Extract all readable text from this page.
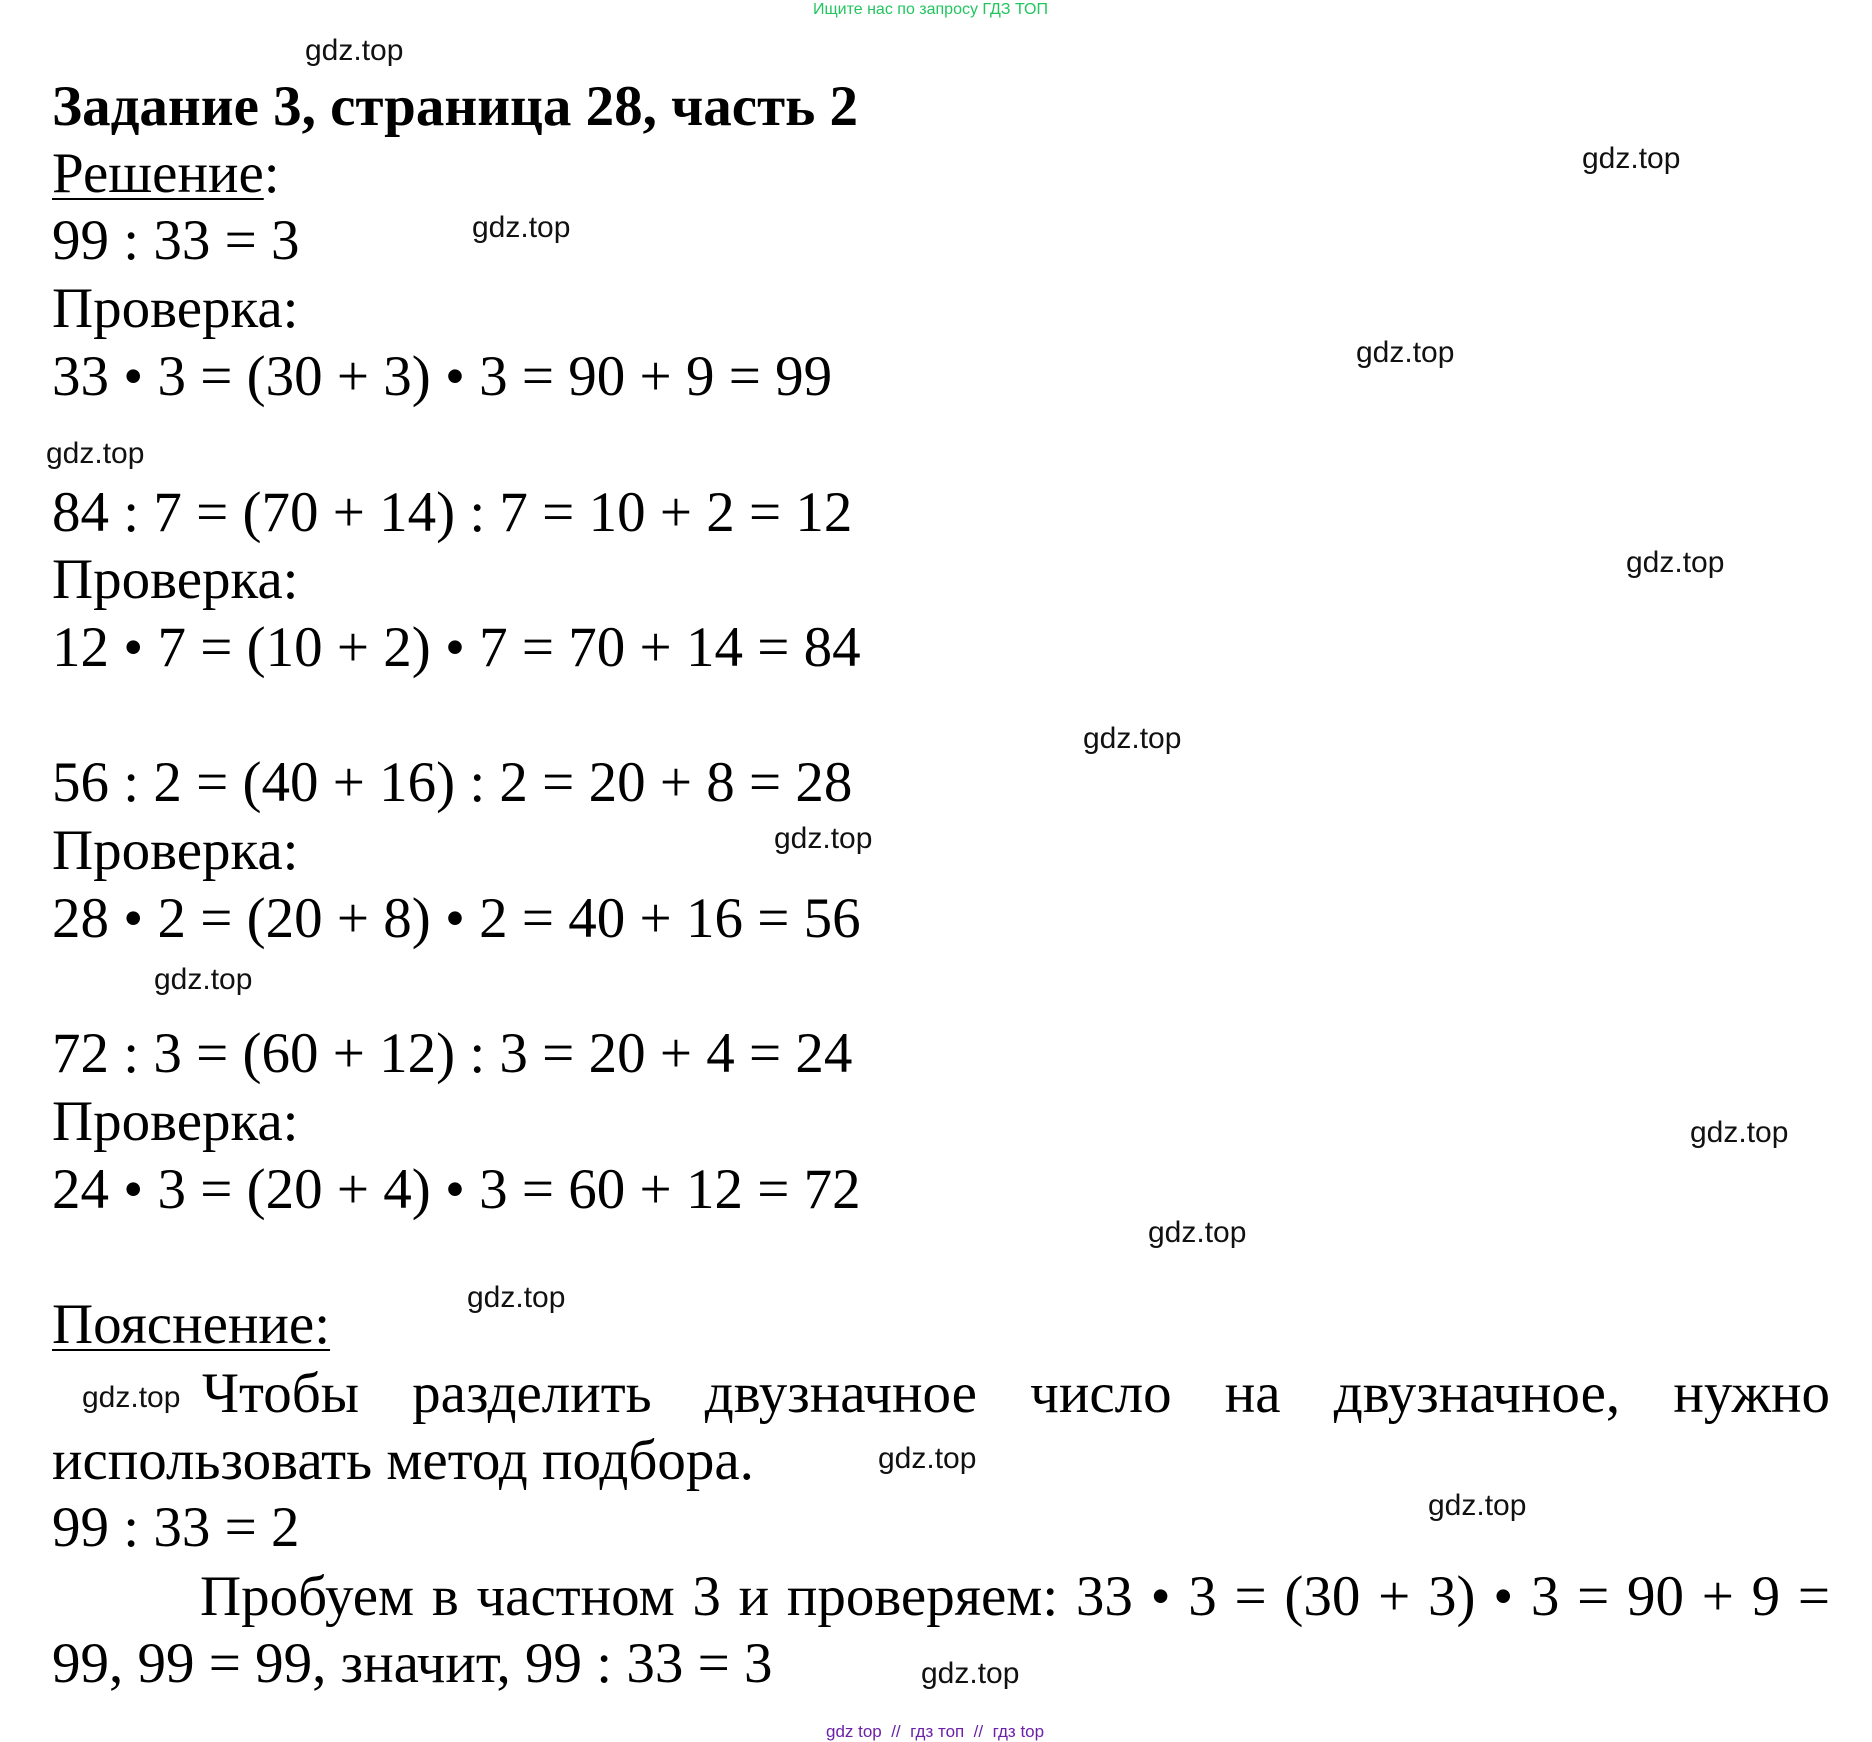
Ищите нас по запросу ГДЗ ТОП
Задание 3, страница 28, часть 2
Решение:
99 : 33 = 3
Проверка:
33 • 3 = (30 + 3) • 3 = 90 + 9 = 99
84 : 7 = (70 + 14) : 7 = 10 + 2 = 12
Проверка:
12 • 7 = (10 + 2) • 7 = 70 + 14 = 84
56 : 2 = (40 + 16) : 2 = 20 + 8 = 28
Проверка:
28 • 2 = (20 + 8) • 2 = 40 + 16 = 56
72 : 3 = (60 + 12) : 3 = 20 + 4 = 24
Проверка:
24 • 3 = (20 + 4) • 3 = 60 + 12 = 72
Пояснение:
Чтобы разделить двузначное число на двузначное, нужно использовать метод подбора.
99 : 33 = 2
Пробуем в частном 3 и проверяем: 33 • 3 = (30 + 3) • 3 = 90 + 9 = 99, 99 = 99, значит, 99 : 33 = 3
gdz.top
gdz.top
gdz.top
gdz.top
gdz.top
gdz.top
gdz.top
gdz.top
gdz.top
gdz.top
gdz.top
gdz.top
gdz.top
gdz.top
gdz.top
gdz.top
gdz top  //  гдз топ  //  гдз top
